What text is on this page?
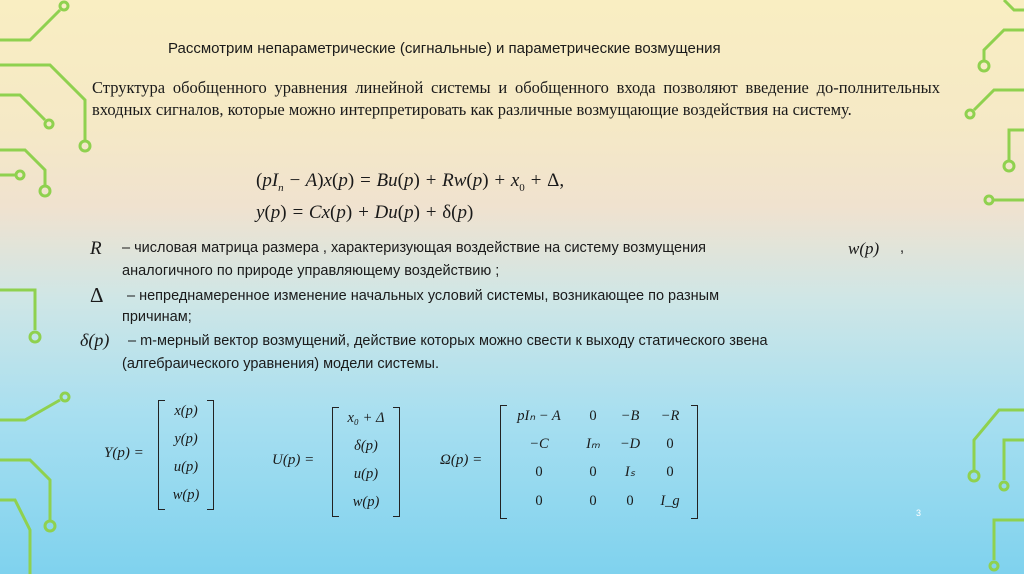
Рассмотрим непараметрические (сигнальные) и параметрические возмущения
Структура обобщенного уравнения линейной системы и обобщенного входа позволяют введение до-полнительных входных сигналов, которые можно интерпретировать как различные возмущающие воздействия на систему.
$(pI_n - A)x(p) = Bu(p) + Rw(p) + x_0 + \Delta$,
y(p) = Cx(p) + Du(p) + δ(p)
R – числовая матрица размера , характеризующая воздействие на систему возмущения	w(p) ,
аналогичного по природе управляющему воздействию ;
Δ – непреднамеренное изменение начальных условий системы, возникающее по разным
причинам;
δ(p) – m-мерный вектор возмущений, действие которых можно свести к выходу статического звена
(алгебраического уравнения) модели системы.
Y(p) =
x(p)
y(p)
u(p)
w(p)
U(p) =
x₀ + Δ
δ(p)
u(p)
w(p)
Ω(p) =
pIₙ − A	0	−B	−R
−C	Iₘ	−D	0
0	0	Iₛ	0
0	0	0	I_g
3
